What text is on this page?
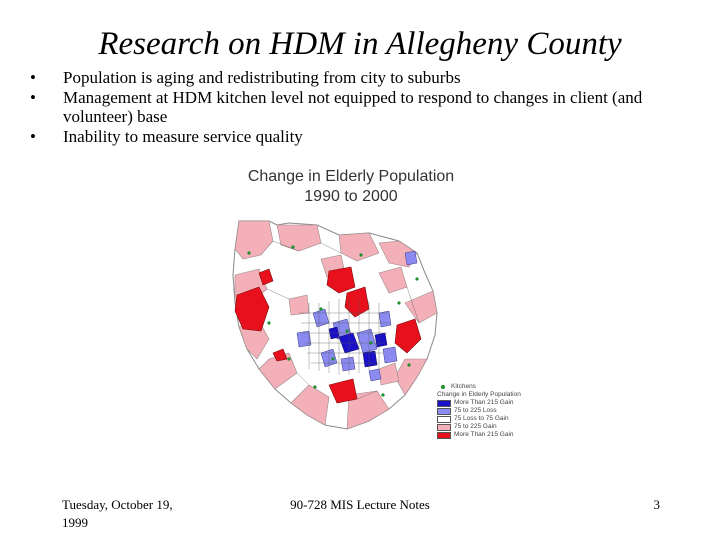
Research on HDM in Allegheny County
• Population is aging and redistributing from city to suburbs
• Management at HDM kitchen level not equipped to respond to changes in client (and volunteer) base
• Inability to measure service quality
Change in Elderly Population
1990 to 2000
Kitchens
Change in Elderly Population
More Than 215 Gain
75 to 225 Loss
75 Loss to 75 Gain
75 to 225 Gain
More Than 215 Gain
Tuesday, October 19,
1999
90-728 MIS Lecture Notes	3
